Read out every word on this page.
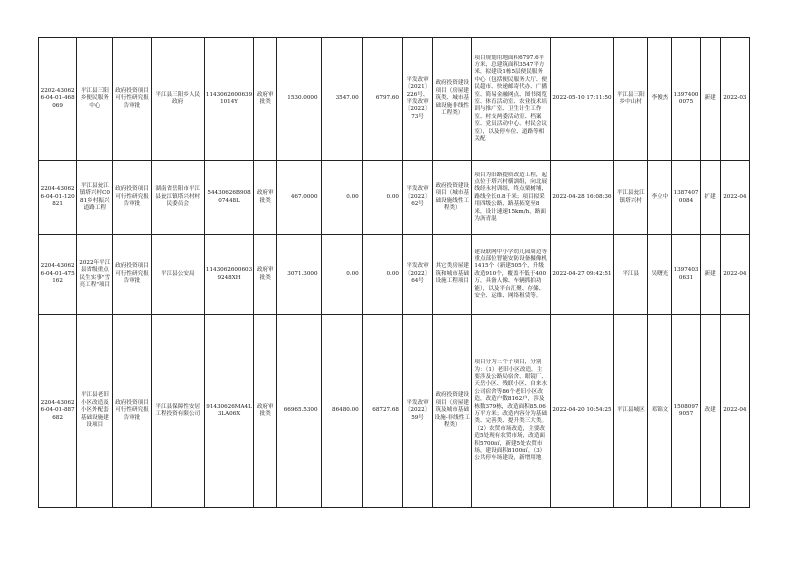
2202-430626-04-01-468069	平江县三阳乡便民服务中心	政府投资项目可行性研究报告审批	平江县三阳乡人民政府	11430626006391014Y	政府审批类	1530.0000	3547.00	6797.60	平发改审〔2021〕226号、平发改审〔2022〕73号	政府投资建设项目（房屋建筑类、城市基础设施非线性工程类）	项目规划用地面积6797.6平方米，总建筑面积3547平方米，拟建设1栋5层便民服务中心（包括便民服务大厅、便民超市、快递邮寄代办、广播室、简易金融网点、图书阅览室、体育活动室、农业技术培训与推广室、卫生计生工作室、村支两委活动室、档案室、党员活动中心、村民会议室），以及停车位、道路等相关配	2022-05-10 17:11:50	平江县三阳乡中山村	李俊杰	13974000075	新建	2022-03
2204-430626-04-01-120821	平江县瓮江镇塔兴村C081乡村振兴道路工程	政府投资项目可行性研究报告审批	湖南省岳阳市平江县瓮江镇塔兴村村民委员会	54430626B90807448L	政府审批类	467.0000	0.00	0.00	平发改审〔2022〕62号	政府投资建设项目（城市基础设施线性工程类）	项目为旧路提质改造工程，起点位于塔兴村横訓组，向北展线经永衬训组，终点栗树埔，路线全长0.8千米；项目拟采用四级公路，路基拓宽至8米，设计速速15km/h，路面为沥青混	2022-04-28 16:08:36	平江县瓮江镇塔兴村	李立中	13874070084	扩建	2022-04
2204-430626-04-01-475162	2022年平江县省级重点民生实事"雪亮工程"项目	政府投资项目可行性研究报告审批	平江县公安局	11430626006039248XH	政府审批类	3071.3000	0.00	0.00	平发改审〔2022〕64号	其它类房屋建筑和城市基础设施工程项目	建设联网中小学幼儿园周边等重点部位智能安防设备摄像机1415个（新建505个，升级改造910个，覆盖不低于400万，具备人像、车辆抓拍功能），以及平台汇聚、存储、安全、运维、网络租赁等。	2022-04-27 09:42:51	平江县	吴曙光	13974030631	新建	2022-04
2204-430626-04-01-887682	平江县老旧小区改造及小区外配套基础设施建设项目	政府投资项目可行性研究报告审批	平江县保障性安居工程投资有限公司	91430626MA4L3LA06X	政府审批类	66965.5300	86480.00	68727.68	平发改审〔2022〕59号	政府投资建设项目（房屋建筑及城市基础设施-非线性工程类）	项目分为三个子项目，分别为：（1）老旧小区改造，主要涉及公路局宿舍、眼镜厂、天岳小区、残联小区、自来水公司宿舍等86个老旧小区改造，改造户数8162户，涉及栋数379栋，改造面积85.06万平方米；改造内容分为基础类、完善类、提升类三大类。（2）农贸市场改造，主要改造5处现有农贸市场，改造面积5700㎡，新建5处农贸市场，建设面积8100㎡。（3）公共停车场建设，新增用地	2022-04-20 10:54:25	平江县城区	邓锦文	15080979057	改建	2022-04
